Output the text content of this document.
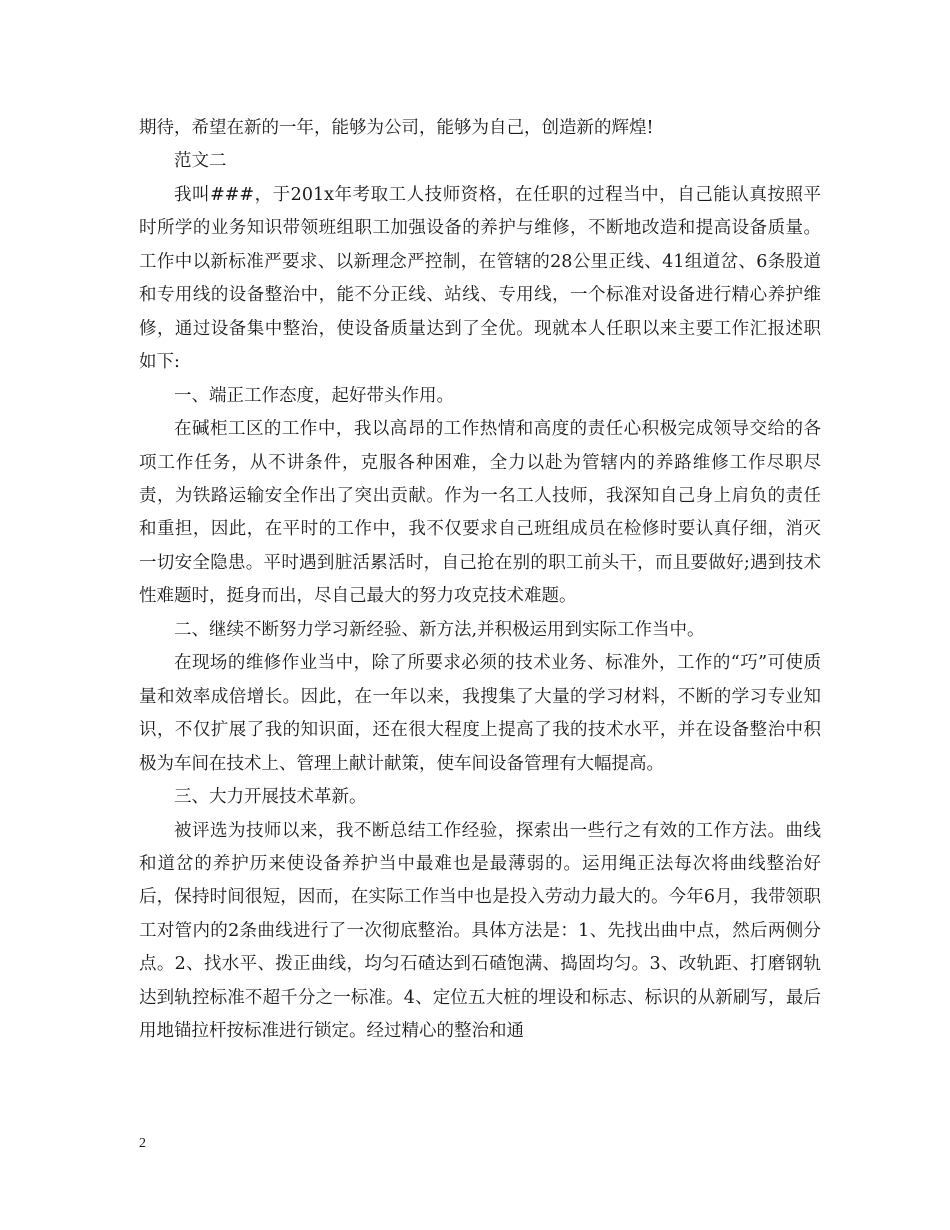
期待，希望在新的一年，能够为公司，能够为自己，创造新的辉煌!

范文二

我叫###，于201x年考取工人技师资格，在任职的过程当中，自己能认真按照平时所学的业务知识带领班组职工加强设备的养护与维修，不断地改造和提高设备质量。工作中以新标准严要求、以新理念严控制，在管辖的28公里正线、41组道岔、6条股道和专用线的设备整治中，能不分正线、站线、专用线，一个标准对设备进行精心养护维修，通过设备集中整治，使设备质量达到了全优。现就本人任职以来主要工作汇报述职如下:

一、端正工作态度，起好带头作用。

在碱柜工区的工作中，我以高昂的工作热情和高度的责任心积极完成领导交给的各项工作任务，从不讲条件，克服各种困难，全力以赴为管辖内的养路维修工作尽职尽责，为铁路运输安全作出了突出贡献。作为一名工人技师，我深知自己身上肩负的责任和重担，因此，在平时的工作中，我不仅要求自己班组成员在检修时要认真仔细，消灭一切安全隐患。平时遇到脏活累活时，自己抢在别的职工前头干，而且要做好;遇到技术性难题时，挺身而出，尽自己最大的努力攻克技术难题。

二、继续不断努力学习新经验、新方法,并积极运用到实际工作当中。

在现场的维修作业当中，除了所要求必须的技术业务、标准外，工作的“巧”可使质量和效率成倍增长。因此，在一年以来，我搜集了大量的学习材料，不断的学习专业知识，不仅扩展了我的知识面，还在很大程度上提高了我的技术水平，并在设备整治中积极为车间在技术上、管理上献计献策，使车间设备管理有大幅提高。

三、大力开展技术革新。

被评选为技师以来，我不断总结工作经验，探索出一些行之有效的工作方法。曲线和道岔的养护历来使设备养护当中最难也是最薄弱的。运用绳正法每次将曲线整治好后，保持时间很短，因而，在实际工作当中也是投入劳动力最大的。今年6月，我带领职工对管内的2条曲线进行了一次彻底整治。具体方法是：1、先找出曲中点，然后两侧分点。2、找水平、拨正曲线，均匀石碴达到石碴饱满、捣固均匀。3、改轨距、打磨钢轨达到轨控标准不超千分之一标准。4、定位五大桩的埋设和标志、标识的从新刷写，最后用地锚拉杆按标准进行锁定。经过精心的整治和通

2
